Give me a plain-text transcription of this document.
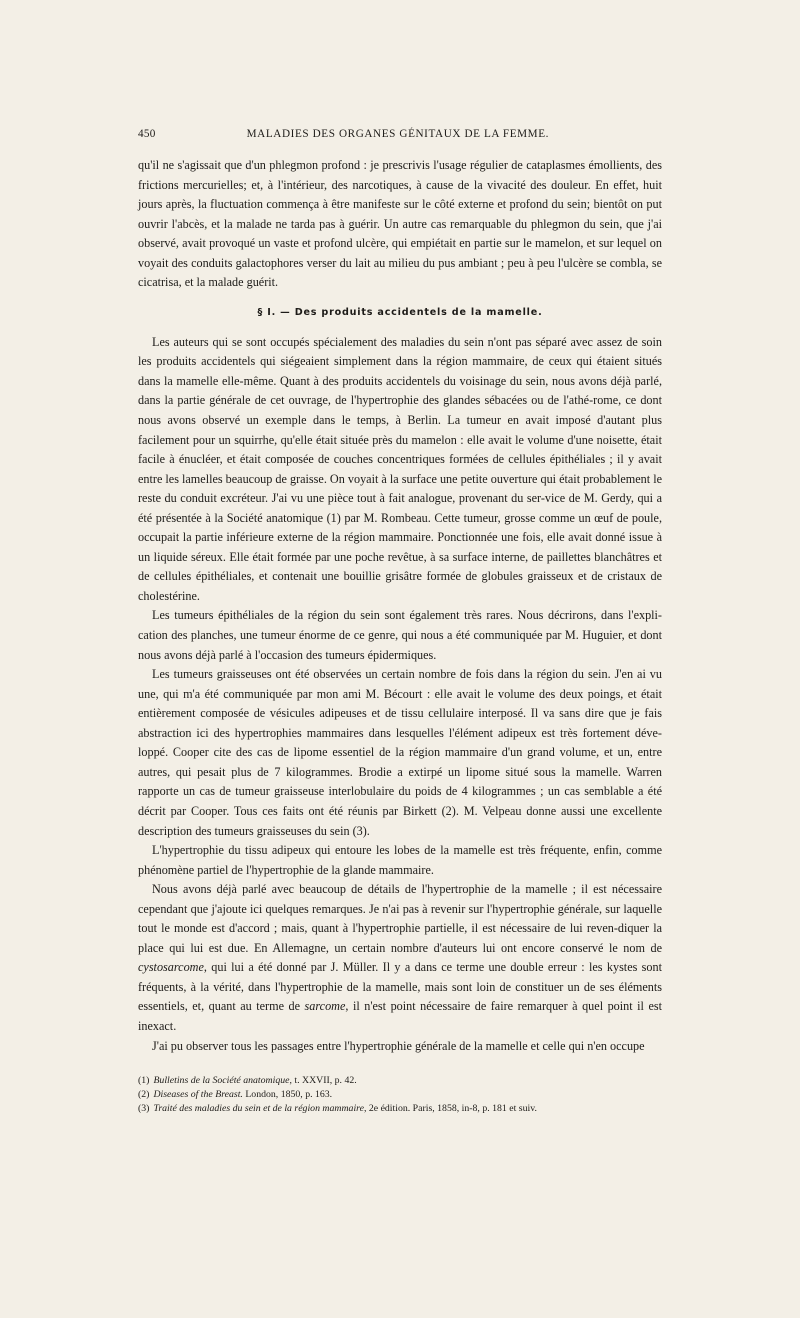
450	MALADIES DES ORGANES GÉNITAUX DE LA FEMME.

qu'il ne s'agissait que d'un phlegmon profond : je prescrivis l'usage régulier de cataplasmes émollients, des frictions mercurielles; et, à l'intérieur, des narcotiques, à cause de la vivacité des douleur. En effet, huit jours après, la fluctuation commença à être manifeste sur le côté externe et profond du sein; bientôt on put ouvrir l'abcès, et la malade ne tarda pas à guérir. Un autre cas remarquable du phlegmon du sein, que j'ai observé, avait provoqué un vaste et profond ulcère, qui empiétait en partie sur le mamelon, et sur lequel on voyait des conduits galactophores verser du lait au milieu du pus ambiant ; peu à peu l'ulcère se combla, se cicatrisa, et la malade guérit.

§ I. — Des produits accidentels de la mamelle.

Les auteurs qui se sont occupés spécialement des maladies du sein n'ont pas séparé avec assez de soin les produits accidentels qui siégeaient simplement dans la région mammaire, de ceux qui étaient situés dans la mamelle elle-même. Quant à des produits accidentels du voisinage du sein, nous avons déjà parlé, dans la partie générale de cet ouvrage, de l'hypertrophie des glandes sébacées ou de l'athé-rome, ce dont nous avons observé un exemple dans le temps, à Berlin. La tumeur en avait imposé d'autant plus facilement pour un squirrhe, qu'elle était située près du mamelon : elle avait le volume d'une noisette, était facile à énucléer, et était composée de couches concentriques formées de cellules épithéliales ; il y avait entre les lamelles beaucoup de graisse. On voyait à la surface une petite ouverture qui était probablement le reste du conduit excréteur. J'ai vu une pièce tout à fait analogue, provenant du ser-vice de M. Gerdy, qui a été présentée à la Société anatomique (1) par M. Rombeau. Cette tumeur, grosse comme un œuf de poule, occupait la partie inférieure externe de la région mammaire. Ponctionnée une fois, elle avait donné issue à un liquide séreux. Elle était formée par une poche revêtue, à sa surface interne, de paillettes blanchâtres et de cellules épithéliales, et contenait une bouillie grisâtre formée de globules graisseux et de cristaux de cholestérine.

Les tumeurs épithéliales de la région du sein sont également très rares. Nous décrirons, dans l'expli-cation des planches, une tumeur énorme de ce genre, qui nous a été communiquée par M. Huguier, et dont nous avons déjà parlé à l'occasion des tumeurs épidermiques.

Les tumeurs graisseuses ont été observées un certain nombre de fois dans la région du sein. J'en ai vu une, qui m'a été communiquée par mon ami M. Bécourt : elle avait le volume des deux poings, et était entièrement composée de vésicules adipeuses et de tissu cellulaire interposé. Il va sans dire que je fais abstraction ici des hypertrophies mammaires dans lesquelles l'élément adipeux est très fortement déve-loppé. Cooper cite des cas de lipome essentiel de la région mammaire d'un grand volume, et un, entre autres, qui pesait plus de 7 kilogrammes. Brodie a extirpé un lipome situé sous la mamelle. Warren rapporte un cas de tumeur graisseuse interlobulaire du poids de 4 kilogrammes ; un cas semblable a été décrit par Cooper. Tous ces faits ont été réunis par Birkett (2). M. Velpeau donne aussi une excellente description des tumeurs graisseuses du sein (3).

L'hypertrophie du tissu adipeux qui entoure les lobes de la mamelle est très fréquente, enfin, comme phénomène partiel de l'hypertrophie de la glande mammaire.

Nous avons déjà parlé avec beaucoup de détails de l'hypertrophie de la mamelle ; il est nécessaire cependant que j'ajoute ici quelques remarques. Je n'ai pas à revenir sur l'hypertrophie générale, sur laquelle tout le monde est d'accord ; mais, quant à l'hypertrophie partielle, il est nécessaire de lui reven-diquer la place qui lui est due. En Allemagne, un certain nombre d'auteurs lui ont encore conservé le nom de cystosarcome, qui lui a été donné par J. Müller. Il y a dans ce terme une double erreur : les kystes sont fréquents, à la vérité, dans l'hypertrophie de la mamelle, mais sont loin de constituer un de ses éléments essentiels, et, quant au terme de sarcome, il n'est point nécessaire de faire remarquer à quel point il est inexact.

J'ai pu observer tous les passages entre l'hypertrophie générale de la mamelle et celle qui n'en occupe

(1) Bulletins de la Société anatomique, t. XXVII, p. 42.
(2) Diseases of the Breast. London, 1850, p. 163.
(3) Traité des maladies du sein et de la région mammaire, 2e édition. Paris, 1858, in-8, p. 181 et suiv.
